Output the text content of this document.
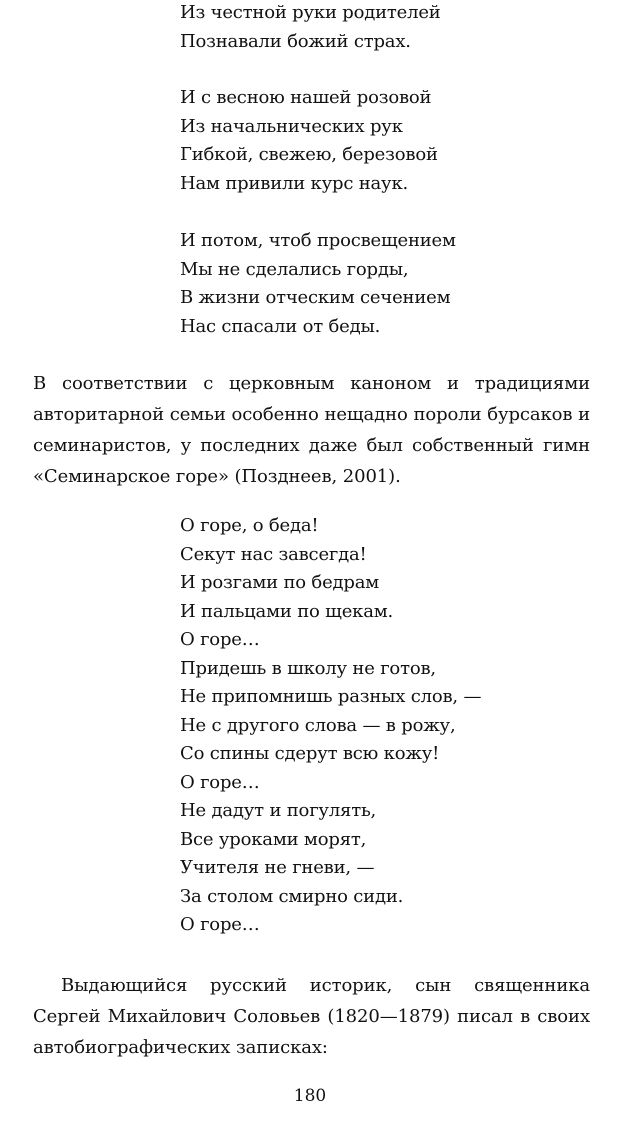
Из честной руки родителей
Познавали божий страх.
И с весною нашей розовой
Из начальнических рук
Гибкой, свежею, березовой
Нам привили курс наук.
И потом, чтоб просвещением
Мы не сделались горды,
В жизни отческим сечением
Нас спасали от беды.

В соответствии с церковным каноном и традициями авторитарной семьи особенно нещадно пороли бурсаков и семинаристов, у последних даже был собственный гимн «Семинарское горе» (Позднеев, 2001).

О горе, о беда!
Секут нас завсегда!
И розгами по бедрам
И пальцами по щекам.
О горе…
Придешь в школу не готов,
Не припомнишь разных слов, —
Не с другого слова — в рожу,
Со спины сдерут всю кожу!
О горе…
Не дадут и погулять,
Все уроками морят,
Учителя не гневи, —
За столом смирно сиди.
О горе…

Выдающийся русский историк, сын священника Сергей Михайлович Соловьев (1820—1879) писал в своих автобиографических записках:

180
